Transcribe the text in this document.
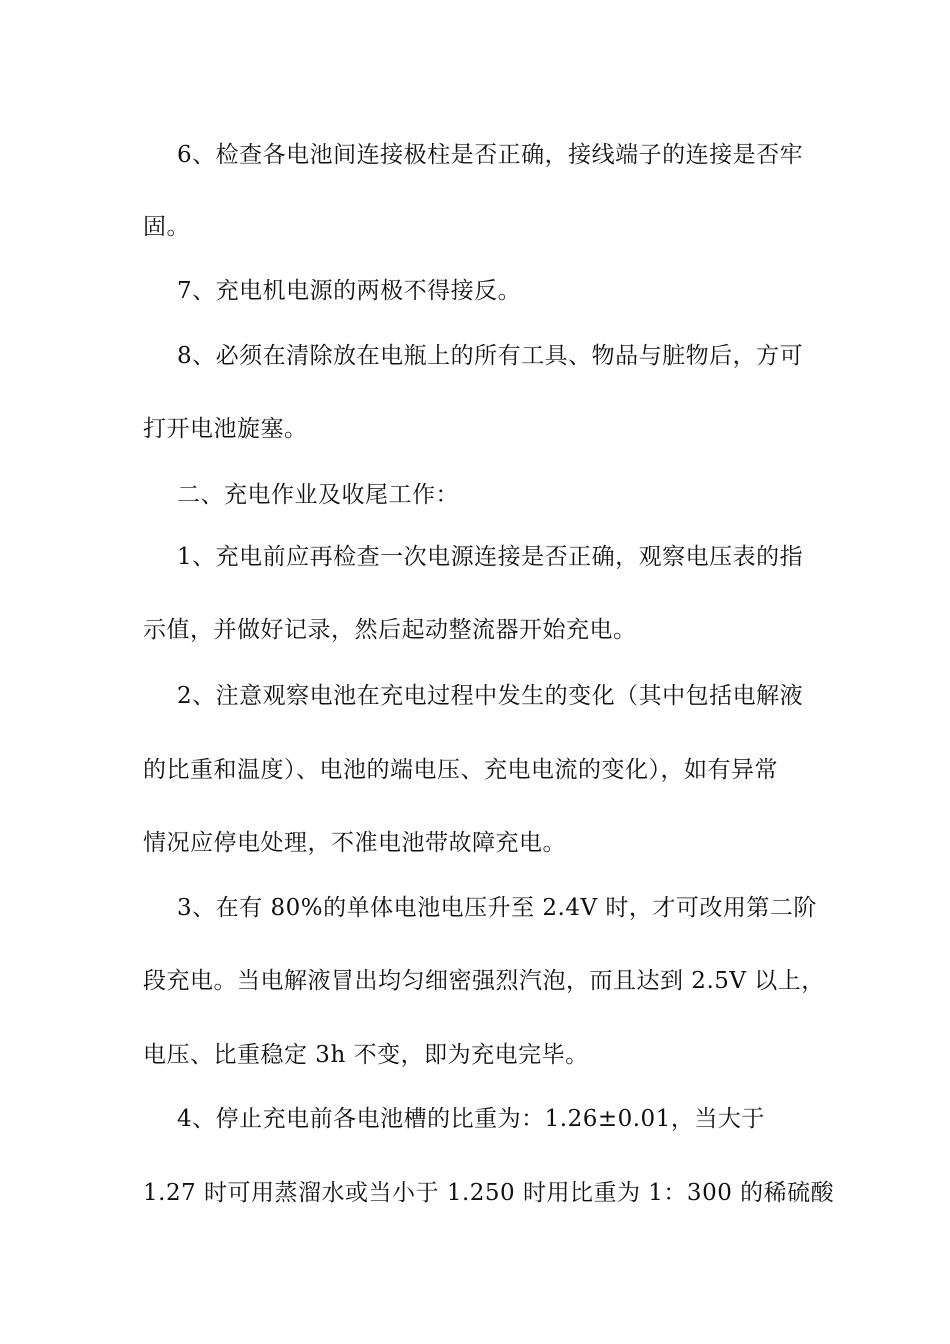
6、检查各电池间连接极柱是否正确，接线端子的连接是否牢
固。
7、充电机电源的两极不得接反。
8、必须在清除放在电瓶上的所有工具、物品与脏物后，方可
打开电池旋塞。
二、充电作业及收尾工作：
1、充电前应再检查一次电源连接是否正确，观察电压表的指
示值，并做好记录，然后起动整流器开始充电。
2、注意观察电池在充电过程中发生的变化（其中包括电解液
的比重和温度）、电池的端电压、充电电流的变化），如有异常
情况应停电处理，不准电池带故障充电。
3、在有 80%的单体电池电压升至 2.4V 时，才可改用第二阶
段充电。当电解液冒出均匀细密强烈汽泡，而且达到 2.5V 以上，
电压、比重稳定 3h 不变，即为充电完毕。
4、停止充电前各电池槽的比重为：1.26±0.01，当大于
1.27 时可用蒸溜水或当小于 1.250 时用比重为 1：300 的稀硫酸
